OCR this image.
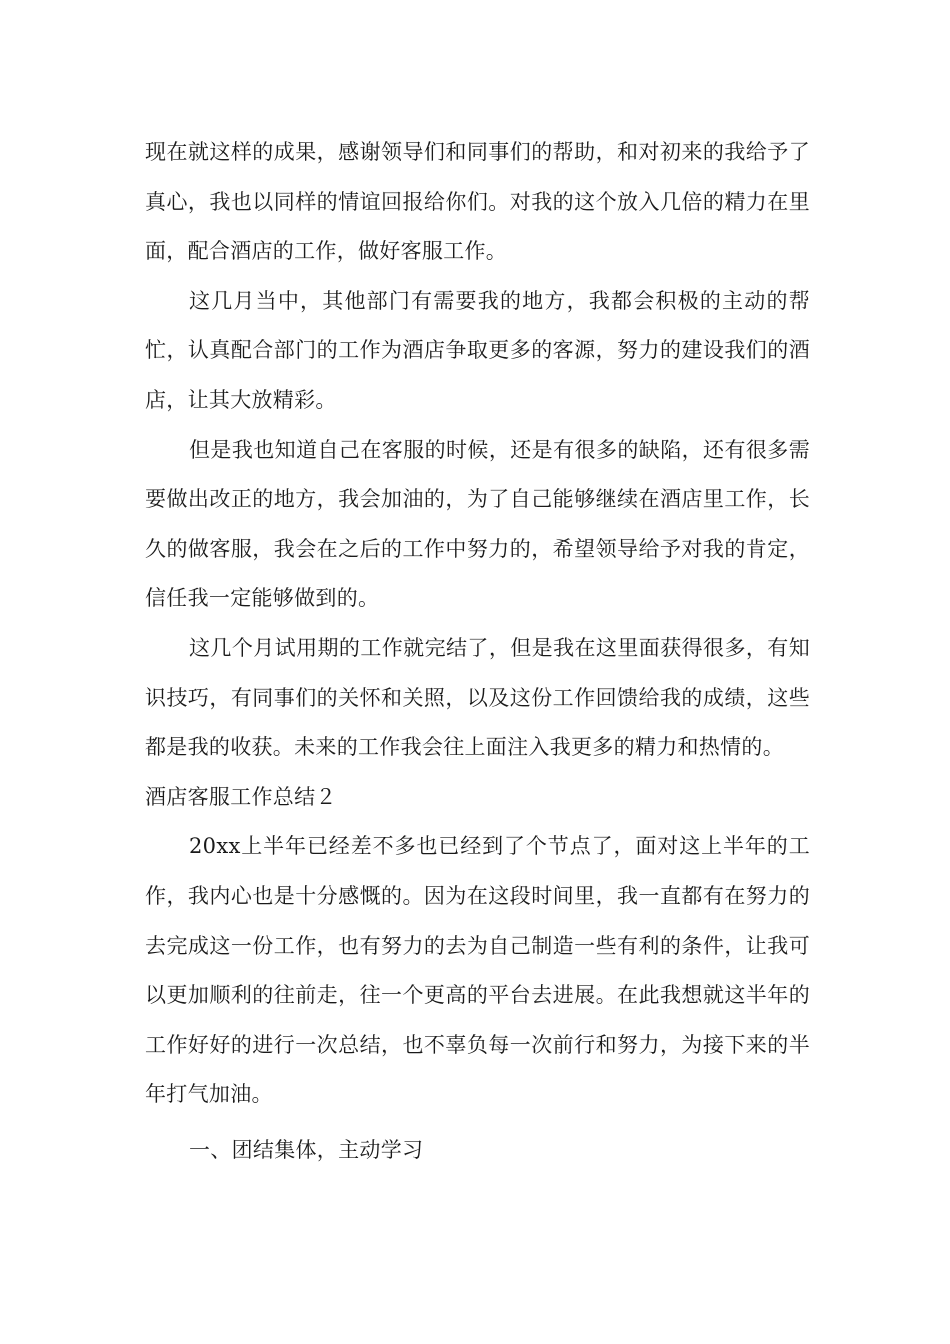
现在就这样的成果，感谢领导们和同事们的帮助，和对初来的我给予了真心，我也以同样的情谊回报给你们。对我的这个放入几倍的精力在里面，配合酒店的工作，做好客服工作。

这几月当中，其他部门有需要我的地方，我都会积极的主动的帮忙，认真配合部门的工作为酒店争取更多的客源，努力的建设我们的酒店，让其大放精彩。

但是我也知道自己在客服的时候，还是有很多的缺陷，还有很多需要做出改正的地方，我会加油的，为了自己能够继续在酒店里工作，长久的做客服，我会在之后的工作中努力的，希望领导给予对我的肯定，信任我一定能够做到的。

这几个月试用期的工作就完结了，但是我在这里面获得很多，有知识技巧，有同事们的关怀和关照，以及这份工作回馈给我的成绩，这些都是我的收获。未来的工作我会往上面注入我更多的精力和热情的。

酒店客服工作总结２

20xx上半年已经差不多也已经到了个节点了，面对这上半年的工作，我内心也是十分感慨的。因为在这段时间里，我一直都有在努力的去完成这一份工作，也有努力的去为自己制造一些有利的条件，让我可以更加顺利的往前走，往一个更高的平台去进展。在此我想就这半年的工作好好的进行一次总结，也不辜负每一次前行和努力，为接下来的半年打气加油。

一、团结集体，主动学习
